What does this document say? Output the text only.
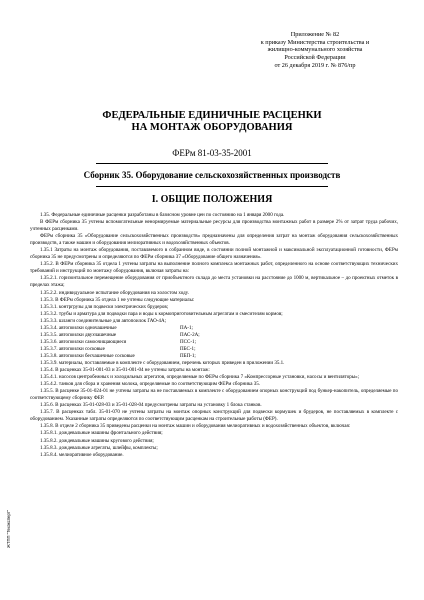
Приложение № 82
к приказу Министерства строительства и
жилищно-коммунального хозяйства
Российской Федерации
от 26 декабря 2019 г. № 876/пр
ФЕДЕРАЛЬНЫЕ ЕДИНИЧНЫЕ РАСЦЕНКИ
НА МОНТАЖ ОБОРУДОВАНИЯ
ФЕРм 81-03-35-2001
Сборник 35. Оборудование сельскохозяйственных производств
I. ОБЩИЕ ПОЛОЖЕНИЯ

1.35. Федеральные единичные расценки разработаны в базисном уровне цен по состоянию на 1 января 2000 года.

В ФЕРм сборника 35 учтены вспомогательные ненормируемые материальные ресурсы для производства монтажных работ в размере 2% от затрат труда рабочих, учтенных расценками.

ФЕРм сборника 35 «Оборудование сельскохозяйственных производств» предназначены для определения затрат на монтаж оборудования сельскохозяйственных производств, а также машин и оборудования мелиоративных и водохозяйственных объектов.

1.35.1 Затраты на монтаж оборудования, поставляемого в собранном виде, в состоянии полной монтажной и максимальной эксплуатационной готовности, ФЕРм сборника 35 не предусмотрены и определяются по ФЕРм сборника 37 «Оборудование общего назначения».

1.35.2. В ФЕРм сборника 35 отдела 1 учтены затраты на выполнение полного комплекса монтажных работ, определенного на основе соответствующих технических требований и инструкций по монтажу оборудования, включая затраты на:

1.35.2.1. горизонтальное перемещение оборудования от приобъектного склада до места установки на расстояние до 1000 м, вертикальное – до проектных отметок в пределах этажа;

1.35.2.2. индивидуальное испытание оборудования на холостом ходу.

1.35.3. В ФЕРм сборника 35 отдела 1 не учтены следующие материалы:

1.35.3.1. контргрузы для подвески электрических брудеров;

1.35.3.2. трубы и арматура для подводки пара и воды к кормоприготовительным агрегатам и смесителям кормов;

1.35.3.3. шланги соединительные для автопоилок ГАО-4А;

1.35.3.4. автопоилки одночашечные	ПА-1;
1.35.3.5. автопоилки двухчашечные	ПАС-2А;
1.35.3.6. автопоилки самоочищающиеся	ПСС-1;
1.35.3.7. автопоилки сосковые	ПБС-1;
1.35.3.8. автопоилки бесчашечные сосковые	ПБП-1;

1.35.3.9. материалы, поставляемые в комплекте с оборудованием, перечень которых приведен в приложении 35.1.

1.35.4. В расценках 35-01-001-03 и 35-01-001-04 не учтены затраты на монтаж:

1.35.4.1. насосов центробежных и холодильных агрегатов, определяемые по ФЕРм сборника 7 «Компрессорные установки, насосы и вентиляторы»;

1.35.4.2. танков для сбора и хранения молока, определяемые по соответствующим ФЕРм сборника 35.

1.35.5. В расценке 35-01-024-01 не учтены затраты на не поставляемых в комплекте с оборудованием опорных конструкций под бункер-накопитель, определяемые по соответствующему сборнику ФЕР.

1.35.6. В расценках 35-01-028-03 и 35-01-028-04 предусмотрены затраты на установку 1 блока станков.

1.35.7. В расценках табл. 35-01-070 не учтены затраты на монтаж опорных конструкций для подвески кормушек и брудеров, не поставляемых в комплекте с оборудованием. Указанные затраты определяются по соответствующим расценкам на строительные работы (ФЕР).

1.35.8. В отделе 2 сборника 35 приведены расценки на монтаж машин и оборудования мелиоративных и водохозяйственных объектов, включая:

1.35.8.1. дождевальные машины фронтального действия;

1.35.8.2. дождевальные машины кругового действия;

1.35.8.3. дождевальные агрегаты, шлейфы, комплекты;

1.35.8.4. мелиоративное оборудование.

ЖТПП "Техэксперт"
